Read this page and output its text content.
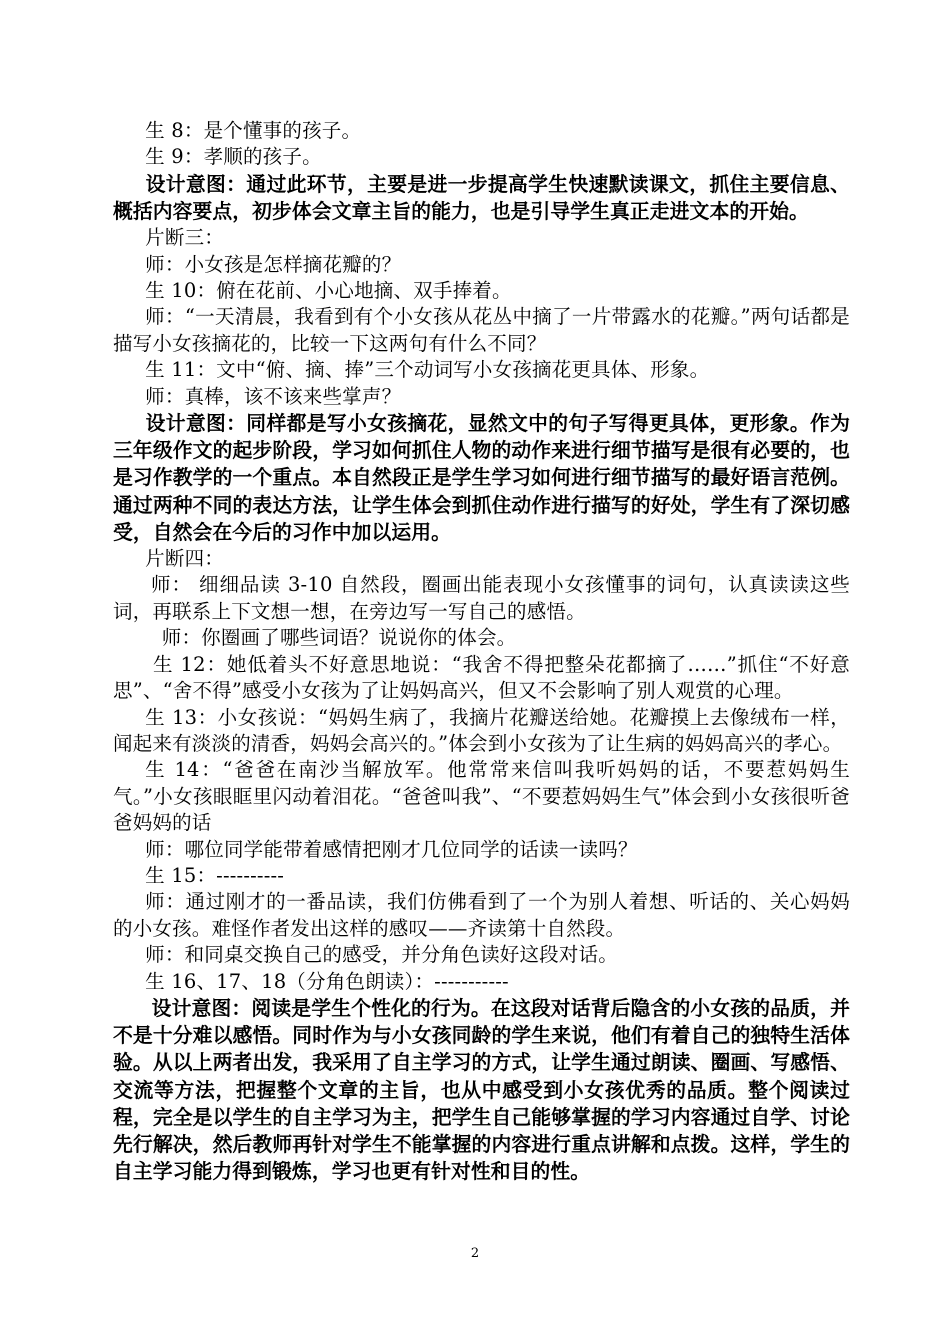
生 8：是个懂事的孩子。

生 9：孝顺的孩子。

设计意图：通过此环节，主要是进一步提高学生快速默读课文，抓住主要信息、概括内容要点，初步体会文章主旨的能力，也是引导学生真正走进文本的开始。

片断三：

师：小女孩是怎样摘花瓣的？

生 10：俯在花前、小心地摘、双手捧着。

师：“一天清晨，我看到有个小女孩从花丛中摘了一片带露水的花瓣。”两句话都是描写小女孩摘花的，比较一下这两句有什么不同？

生 11：文中“俯、摘、捧”三个动词写小女孩摘花更具体、形象。

师：真棒，该不该来些掌声？

设计意图：同样都是写小女孩摘花，显然文中的句子写得更具体，更形象。作为三年级作文的起步阶段，学习如何抓住人物的动作来进行细节描写是很有必要的，也是习作教学的一个重点。本自然段正是学生学习如何进行细节描写的最好语言范例。通过两种不同的表达方法，让学生体会到抓住动作进行描写的好处，学生有了深切感受，自然会在今后的习作中加以运用。

片断四：

师： 细细品读 3-10 自然段，圈画出能表现小女孩懂事的词句，认真读读这些词，再联系上下文想一想，在旁边写一写自己的感悟。

师：你圈画了哪些词语？说说你的体会。

生 12：她低着头不好意思地说：“我舍不得把整朵花都摘了……”抓住“不好意思”、“舍不得”感受小女孩为了让妈妈高兴，但又不会影响了别人观赏的心理。

生 13：小女孩说：“妈妈生病了，我摘片花瓣送给她。花瓣摸上去像绒布一样，闻起来有淡淡的清香，妈妈会高兴的。”体会到小女孩为了让生病的妈妈高兴的孝心。

生 14：“爸爸在南沙当解放军。他常常来信叫我听妈妈的话，不要惹妈妈生气。”小女孩眼眶里闪动着泪花。“爸爸叫我”、“不要惹妈妈生气”体会到小女孩很听爸爸妈妈的话

师：哪位同学能带着感情把刚才几位同学的话读一读吗？

生 15：----------

师：通过刚才的一番品读，我们仿佛看到了一个为别人着想、听话的、关心妈妈的小女孩。难怪作者发出这样的感叹——齐读第十自然段。

师：和同桌交换自己的感受，并分角色读好这段对话。

生 16、17、18（分角色朗读）：-----------

设计意图：阅读是学生个性化的行为。在这段对话背后隐含的小女孩的品质，并不是十分难以感悟。同时作为与小女孩同龄的学生来说，他们有着自己的独特生活体验。从以上两者出发，我采用了自主学习的方式，让学生通过朗读、圈画、写感悟、交流等方法，把握整个文章的主旨，也从中感受到小女孩优秀的品质。整个阅读过程，完全是以学生的自主学习为主，把学生自己能够掌握的学习内容通过自学、讨论先行解决，然后教师再针对学生不能掌握的内容进行重点讲解和点拨。这样，学生的自主学习能力得到锻炼，学习也更有针对性和目的性。

2
